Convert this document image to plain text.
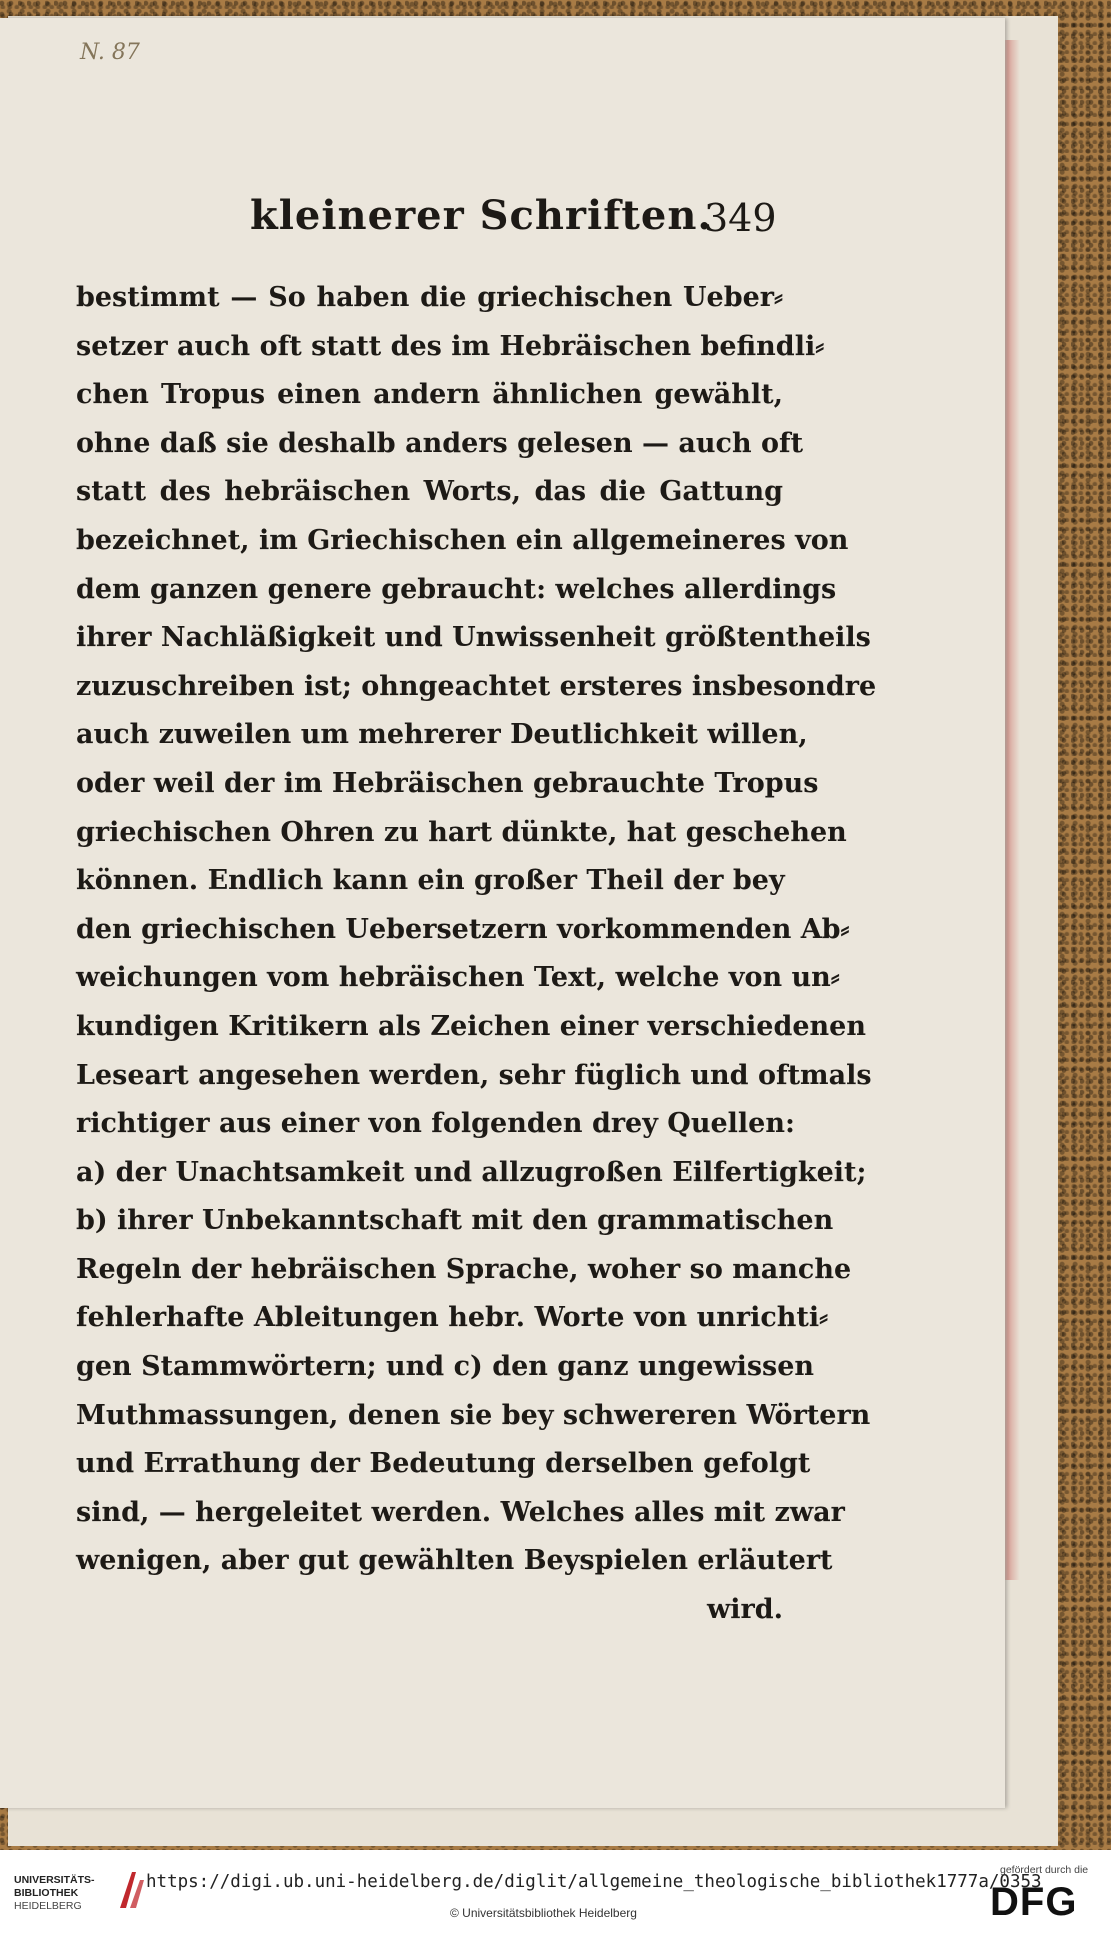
N. 87
kleinerer Schriften.
349
bestimmt — So haben die griechischen Ueber⸗
setzer auch oft statt des im Hebräischen befindli⸗
chen Tropus einen andern ähnlichen gewählt,
ohne daß sie deshalb anders gelesen — auch oft
statt des hebräischen Worts, das die Gattung
bezeichnet, im Griechischen ein allgemeineres von
dem ganzen genere gebraucht: welches allerdings
ihrer Nachläßigkeit und Unwissenheit größtentheils
zuzuschreiben ist; ohngeachtet ersteres insbesondre
auch zuweilen um mehrerer Deutlichkeit willen,
oder weil der im Hebräischen gebrauchte Tropus
griechischen Ohren zu hart dünkte, hat geschehen
können. Endlich kann ein großer Theil der bey
den griechischen Uebersetzern vorkommenden Ab⸗
weichungen vom hebräischen Text, welche von un⸗
kundigen Kritikern als Zeichen einer verschiedenen
Leseart angesehen werden, sehr füglich und oftmals
richtiger aus einer von folgenden drey Quellen:
a) der Unachtsamkeit und allzugroßen Eilfertigkeit;
b) ihrer Unbekanntschaft mit den grammatischen
Regeln der hebräischen Sprache, woher so manche
fehlerhafte Ableitungen hebr. Worte von unrichti⸗
gen Stammwörtern; und c) den ganz ungewissen
Muthmassungen, denen sie bey schwereren Wörtern
und Errathung der Bedeutung derselben gefolgt
sind, — hergeleitet werden. Welches alles mit zwar
wenigen, aber gut gewählten Beyspielen erläutert
wird.
UNIVERSITÄTS-
BIBLIOTHEK
HEIDELBERG
https://digi.ub.uni-heidelberg.de/diglit/allgemeine_theologische_bibliothek1777a/0353
© Universitätsbibliothek Heidelberg
gefördert durch die
DFG
